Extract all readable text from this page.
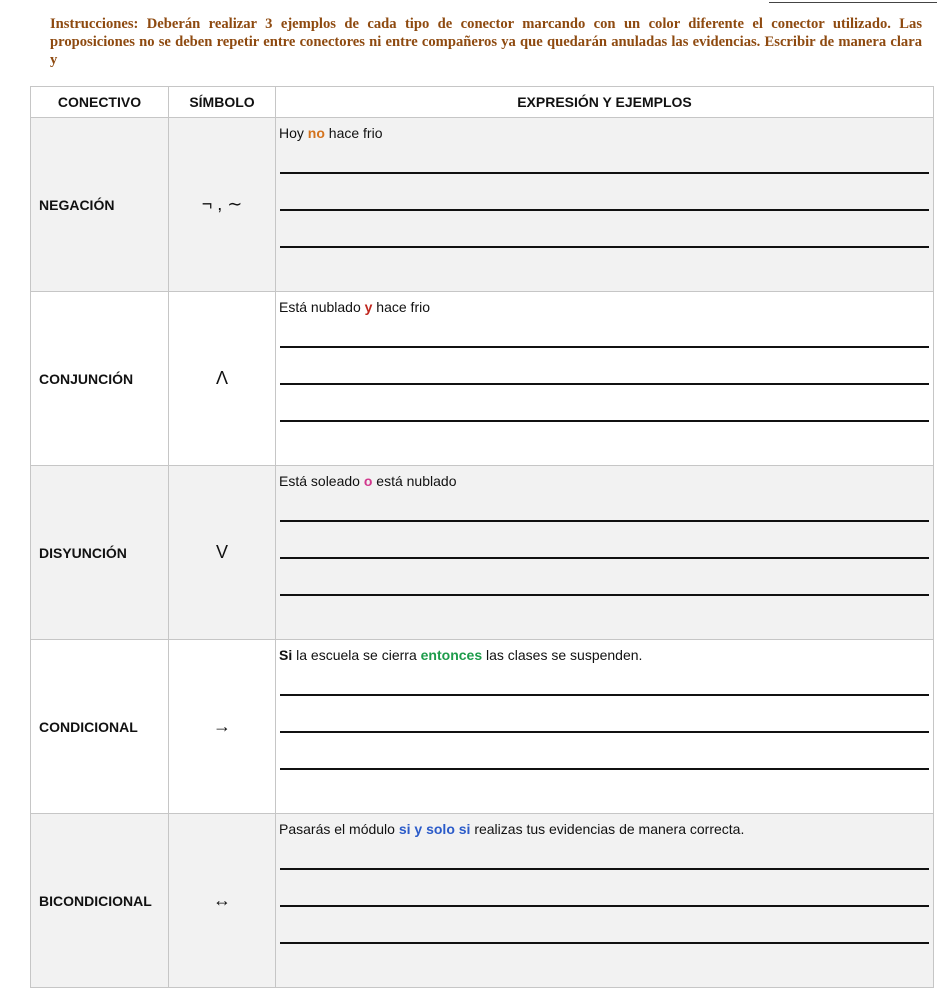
Instrucciones: Deberán realizar 3 ejemplos de cada tipo de conector marcando con un color diferente el conector utilizado. Las proposiciones no se deben repetir entre conectores ni entre compañeros ya que quedarán anuladas las evidencias. Escribir de manera clara y

CONECTIVO	SÍMBOLO	EXPRESIÓN Y EJEMPLOS
NEGACIÓN	¬ , ∼	Hoy no hace frio

CONJUNCIÓN	Λ	Está nublado y hace frio

DISYUNCIÓN	V	Está soleado o está nublado

CONDICIONAL	→	Si la escuela se cierra entonces las clases se suspenden.

BICONDICIONAL	↔	Pasarás el módulo si y solo si realizas tus evidencias de manera correcta.
